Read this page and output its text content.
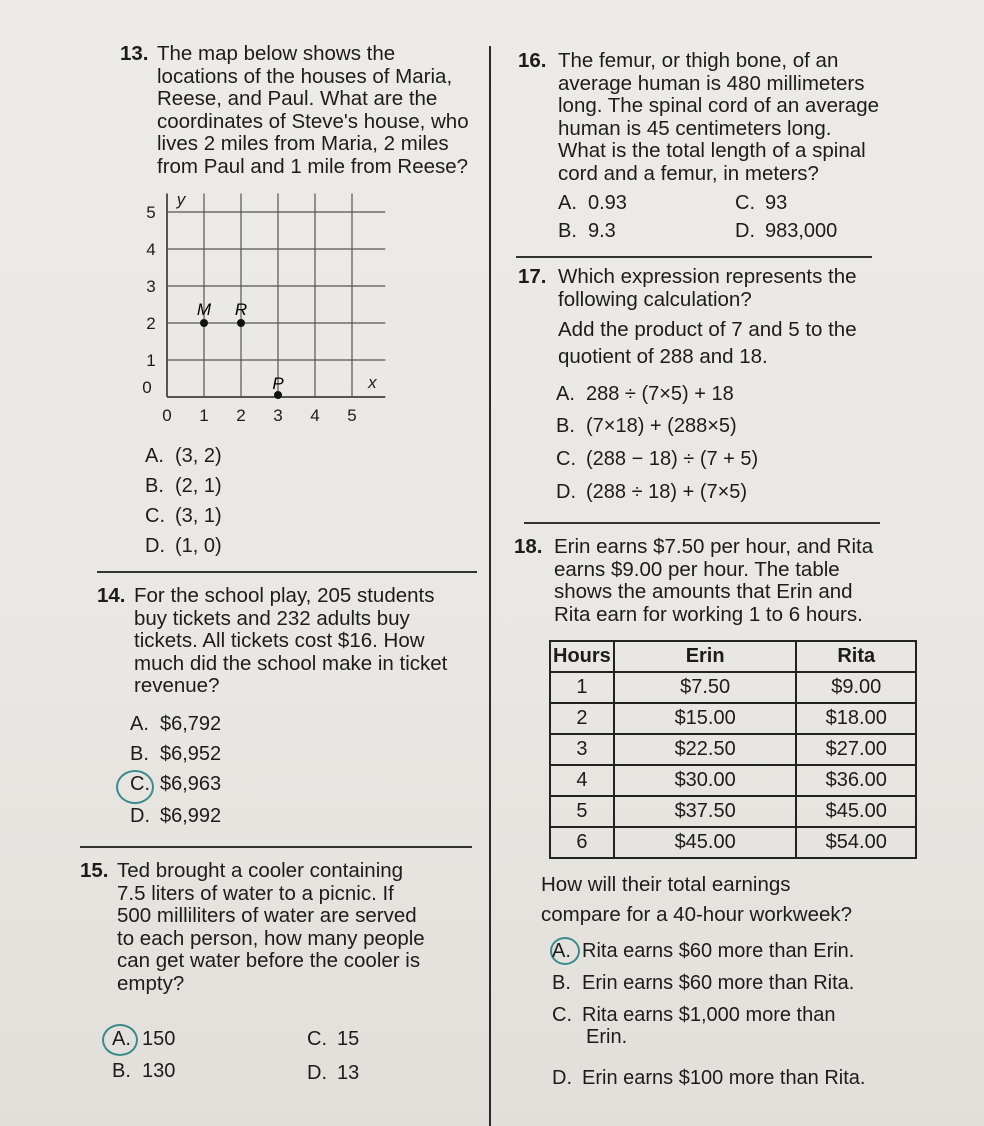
13. The map below shows the
locations of the houses of Maria,
Reese, and Paul. What are the
coordinates of Steve's house, who
lives 2 miles from Maria, 2 miles
from Paul and 1 mile from Reese?
0 1 2 3 4 5
1
2
3
4
5
0
y
x
M R
P
14. For the school play, 205 students
buy tickets and 232 adults buy
tickets. All tickets cost $16. How
much did the school make in ticket
revenue?
15. Ted brought a cooler containing
7.5 liters of water to a picnic. If
500 milliliters of water are served
to each person, how many people
can get water before the cooler is
empty?
16. The femur, or thigh bone, of an
average human is 480 millimeters
long. The spinal cord of an average
human is 45 centimeters long.
What is the total length of a spinal
cord and a femur, in meters?
17. Which expression represents the
following calculation?
Add the product of 7 and 5 to the
quotient of 288 and 18.
18. Erin earns $7.50 per hour, and Rita
earns $9.00 per hour. The table
shows the amounts that Erin and
Rita earn for working 1 to 6 hours.
Hours	Erin	Rita
1	$7.50	$9.00
2	$15.00	$18.00
3	$22.50	$27.00
4	$30.00	$36.00
5	$37.50	$45.00
6	$45.00	$54.00
How will their total earnings
compare for a 40-hour workweek?
A. (3, 2)
B. (2, 1)
C. (3, 1)
D. (1, 0)
A. $6,792
B. $6,952
C. $6,963
D. $6,992
A. 150
B. 130
C. 15
D. 13
A. 0.93
B. 9.3
C. 93
D. 983,000
A. 288 ÷ (7×5) + 18
B. (7×18) + (288×5)
C. (288 − 18) ÷ (7 + 5)
D. (288 ÷ 18) + (7×5)
A. Rita earns $60 more than Erin.
B. Erin earns $60 more than Rita.
C. Rita earns $1,000 more than
Erin.
D. Erin earns $100 more than Rita.
